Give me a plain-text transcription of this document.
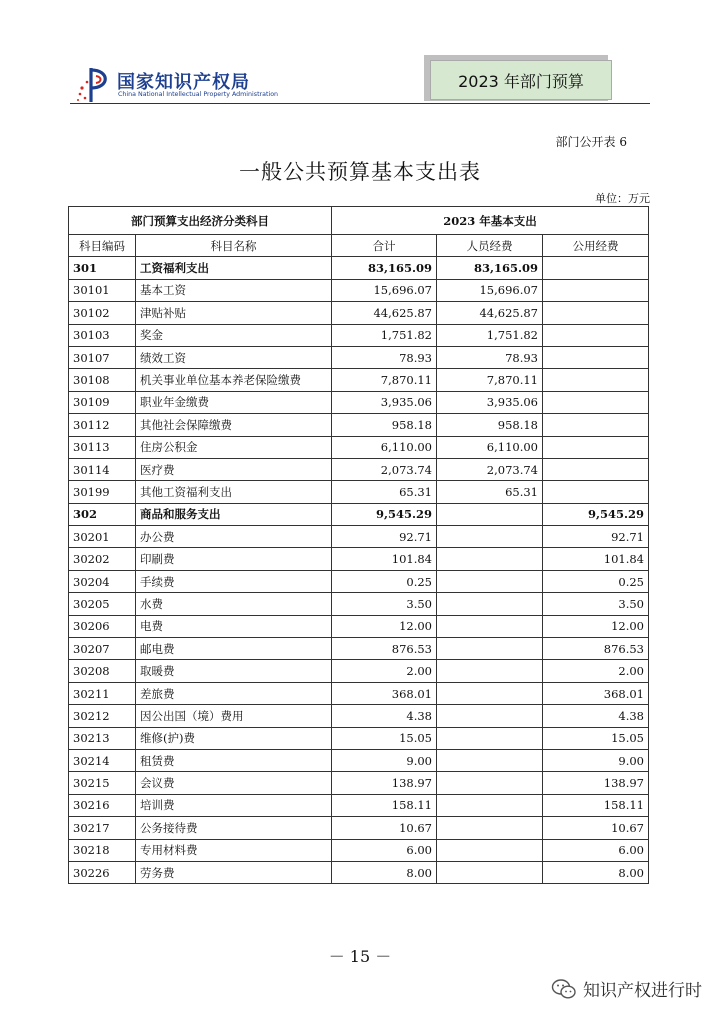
国家知识产权局
China National Intellectual Property Administration
2023 年部门预算
部门公开表 6
一般公共预算基本支出表
单位：万元
部门预算支出经济分类科目		2023 年基本支出		
科目编码	科目名称	合计	人员经费	公用经费
301	工资福利支出	83,165.09	83,165.09	
30101	基本工资	15,696.07	15,696.07	
30102	津贴补贴	44,625.87	44,625.87	
30103	奖金	1,751.82	1,751.82	
30107	绩效工资	78.93	78.93	
30108	机关事业单位基本养老保险缴费	7,870.11	7,870.11	
30109	职业年金缴费	3,935.06	3,935.06	
30112	其他社会保障缴费	958.18	958.18	
30113	住房公积金	6,110.00	6,110.00	
30114	医疗费	2,073.74	2,073.74	
30199	其他工资福利支出	65.31	65.31	
302	商品和服务支出	9,545.29		9,545.29
30201	办公费	92.71		92.71
30202	印刷费	101.84		101.84
30204	手续费	0.25		0.25
30205	水费	3.50		3.50
30206	电费	12.00		12.00
30207	邮电费	876.53		876.53
30208	取暖费	2.00		2.00
30211	差旅费	368.01		368.01
30212	因公出国（境）费用	4.38		4.38
30213	维修(护)费	15.05		15.05
30214	租赁费	9.00		9.00
30215	会议费	138.97		138.97
30216	培训费	158.11		158.11
30217	公务接待费	10.67		10.67
30218	专用材料费	6.00		6.00
30226	劳务费	8.00		8.00
－ 15 －
知识产权进行时
